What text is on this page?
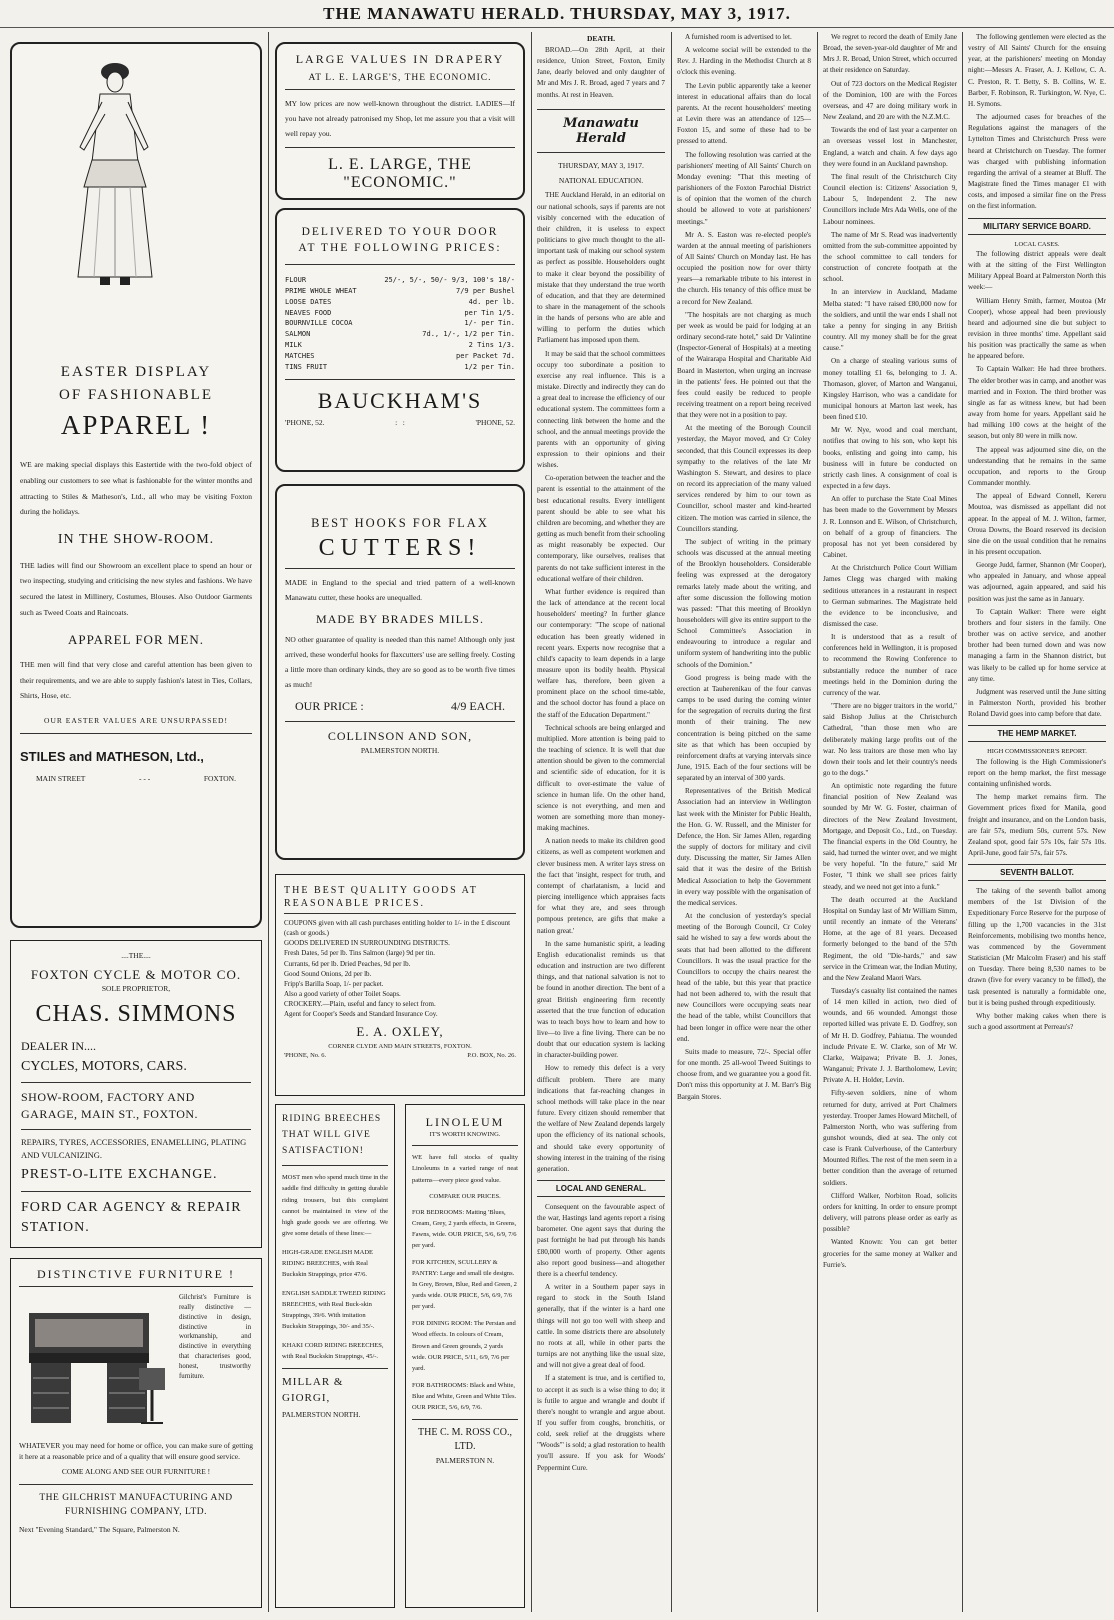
THE MANAWATU HERALD. THURSDAY, MAY 3, 1917.
EASTER DISPLAY
OF FASHIONABLE
APPAREL !
WE are making special displays this Eastertide with the two-fold object of enabling our customers to see what is fashionable for the winter months and attracting to Stiles & Matheson's, Ltd., all who may be visiting Foxton during the holidays.
IN THE SHOW-ROOM.
THE ladies will find our Showroom an excellent place to spend an hour or two inspecting, studying and criticising the new styles and fashions. We have secured the latest in Millinery, Costumes, Blouses. Also Outdoor Garments such as Tweed Coats and Raincoats.
APPAREL FOR MEN.
THE men will find that very close and careful attention has been given to their requirements, and we are able to supply fashion's latest in Ties, Collars, Shirts, Hose, etc.
OUR EASTER VALUES ARE UNSURPASSED!
STILES and MATHESON, Ltd.,
MAIN STREET	- - -	FOXTON.
....THE....
FOXTON CYCLE & MOTOR CO.
SOLE PROPRIETOR,
CHAS. SIMMONS
DEALER IN....
CYCLES, MOTORS, CARS.
SHOW-ROOM, FACTORY AND GARAGE, MAIN ST., FOXTON.
REPAIRS, TYRES, ACCESSORIES, ENAMELLING, PLATING AND VULCANIZING.
PREST-O-LITE EXCHANGE.
FORD CAR AGENCY & REPAIR STATION.
DISTINCTIVE FURNITURE !
Gilchrist's Furniture is really distinctive — distinctive in design, distinctive in workmanship, and distinctive in everything that characterises good, honest, trustworthy furniture.
WHATEVER you may need for home or office, you can make sure of getting it here at a reasonable price and of a quality that will ensure good service.
COME ALONG AND SEE OUR FURNITURE !
THE GILCHRIST MANUFACTURING AND FURNISHING COMPANY, LTD.
Next "Evening Standard," The Square, Palmerston N.
LARGE VALUES IN DRAPERY
AT L. E. LARGE'S, THE ECONOMIC.
MY low prices are now well-known throughout the district. LADIES—If you have not already patronised my Shop, let me assure you that a visit will well repay you.
L. E. LARGE, THE "ECONOMIC."
DELIVERED TO YOUR DOOR
AT THE FOLLOWING PRICES:
FLOUR	25/-, 5/-, 50/- 9/3, 100's 18/-
PRIME WHOLE WHEAT	7/9 per Bushel
LOOSE DATES	4d. per lb.
NEAVES FOOD	per Tin 1/5.
BOURNVILLE COCOA	1/- per Tin.
SALMON	7d., 1/-, 1/2 per Tin.
MILK	2 Tins 1/3.
MATCHES	per Packet 7d.
TINS FRUIT	1/2 per Tin.
BAUCKHAM'S
'PHONE, 52.	:   :	'PHONE, 52.
BEST HOOKS FOR FLAX
CUTTERS!
MADE in England to the special and tried pattern of a well-known Manawatu cutter, these hooks are unequalled.
MADE BY BRADES MILLS.
NO other guarantee of quality is needed than this name! Although only just arrived, these wonderful hooks for flaxcutters' use are selling freely. Costing a little more than ordinary kinds, they are so good as to be worth five times as much!
OUR PRICE :	4/9 EACH.
COLLINSON AND SON,
PALMERSTON NORTH.
THE BEST QUALITY GOODS AT
REASONABLE PRICES.
COUPONS given with all cash purchases entitling holder to 1/- in the £ discount (cash or goods.)
GOODS DELIVERED IN SURROUNDING DISTRICTS.
Fresh Dates, 5d per lb. Tins Salmon (large) 9d per tin.
Currants, 6d per lb. Dried Peaches, 9d per lb.
Good Sound Onions, 2d per lb.
Fripp's Barilla Soap, 1/- per packet.
Also a good variety of other Toilet Soaps.
CROCKERY.—Plain, useful and fancy to select from.
Agent for Cooper's Seeds and Standard Insurance Coy.
E. A. OXLEY,
CORNER CLYDE AND MAIN STREETS, FOXTON.
'PHONE, No. 6.	P.O. BOX, No. 26.
RIDING BREECHES THAT WILL GIVE SATISFACTION!
MOST men who spend much time in the saddle find difficulty in getting durable riding trousers, but this complaint cannot be maintained in view of the high grade goods we are offering. We give some details of these lines:—
HIGH-GRADE ENGLISH MADE RIDING BREECHES, with Real Buckskin Strappings, price 47/6.
ENGLISH SADDLE TWEED RIDING BREECHES, with Real Buck-skin Strappings, 39/6. With imitation Buckskin Strappings, 30/- and 35/-.
KHAKI CORD RIDING BREECHES, with Real Buckskin Strappings, 45/-.
MILLAR & GIORGI,
PALMERSTON NORTH.
LINOLEUM
IT'S WORTH KNOWING.
WE have full stocks of quality Linoleums in a varied range of neat patterns—every piece good value.
COMPARE OUR PRICES.
FOR BEDROOMS: Matting 'Blues, Cream, Grey, 2 yards effects, in Greens, Fawns, wide. OUR PRICE, 5/6, 6/9, 7/6 per yard.
FOR KITCHEN, SCULLERY & PANTRY: Large and small tile designs. In Grey, Brown, Blue, Red and Green, 2 yards wide. OUR PRICE, 5/6, 6/9, 7/6 per yard.
FOR DINING ROOM: The Persian and Wood effects. In colours of Cream, Brown and Green grounds, 2 yards wide. OUR PRICE, 5/11, 6/9, 7/6 per yard.
FOR BATHROOMS: Black and White, Blue and White, Green and White Tiles. OUR PRICE, 5/6, 6/9, 7/6.
THE C. M. ROSS CO., LTD.
PALMERSTON N.
DEATH.

BROAD.—On 28th April, at their residence, Union Street, Foxton, Emily Jane, dearly beloved and only daughter of Mr and Mrs J. R. Broad, aged 7 years and 7 months. At rest in Heaven.

Manawatu Herald
THURSDAY, MAY 3, 1917.
NATIONAL EDUCATION.

THE Auckland Herald, in an editorial on our national schools, says if parents are not visibly concerned with the education of their children, it is useless to expect politicians to give much thought to the all-important task of making our school system as perfect as possible. Householders ought to make it clear beyond the possibility of mistake that they understand the true worth of education, and that they are determined to share in the management of the schools in the hands of persons who are able and willing to perform the duties which Parliament has imposed upon them.

It may be said that the school committees occupy too subordinate a position to exercise any real influence. This is a mistake. Directly and indirectly they can do a great deal to increase the efficiency of our educational system. The committees form a connecting link between the home and the school, and the annual meetings provide the parents with an opportunity of giving expression to their opinions and their wishes.

Co-operation between the teacher and the parent is essential to the attainment of the best educational results. Every intelligent parent should be able to see what his children are becoming, and whether they are getting as much benefit from their schooling as might reasonably be expected. Our contemporary, like ourselves, realises that parents do not take sufficient interest in the educational welfare of their children.

What further evidence is required than the lack of attendance at the recent local householders' meeting? In further glance our contemporary: "The scope of national education has been greatly widened in recent years. Experts now recognise that a child's capacity to learn depends in a large measure upon its bodily health. Physical welfare has, therefore, been given a prominent place on the school time-table, and the school doctor has found a place on the staff of the Education Department."

Technical schools are being enlarged and multiplied. More attention is being paid to the teaching of science. It is well that due attention should be given to the commercial and scientific side of education, for it is difficult to over-estimate the value of science in human life. On the other hand, science is not everything, and men and women are something more than money-making machines.

A nation needs to make its children good citizens, as well as competent workmen and clever business men. A writer lays stress on the fact that 'insight, respect for truth, and contempt of charlatanism, a lucid and piercing intelligence which appraises facts for what they are, and sees through pompous pretence, are gifts that make a nation great.'

In the same humanistic spirit, a leading English educationalist reminds us that education and instruction are two different things, and that national salvation is not to be found in another direction. The bent of a great British engineering firm recently asserted that the true function of education was to teach boys how to learn and how to live—to live a fine living. There can be no doubt that our education system is lacking in character-building power.

How to remedy this defect is a very difficult problem. There are many indications that far-reaching changes in school methods will take place in the near future. Every citizen should remember that the welfare of New Zealand depends largely upon the efficiency of its national schools, and should take every opportunity of showing interest in the training of the rising generation.

LOCAL AND GENERAL.

Consequent on the favourable aspect of the war, Hastings land agents report a rising barometer. One agent says that during the past fortnight he had put through his hands £80,000 worth of property. Other agents also report good business—and altogether there is a cheerful tendency.

A writer in a Southern paper says in regard to stock in the South Island generally, that if the winter is a hard one things will not go too well with sheep and cattle. In some districts there are absolutely no roots at all, while in other parts the turnips are not anything like the usual size, and will not give a great deal of food.

If a statement is true, and is certified to, to accept it as such is a wise thing to do; it is futile to argue and wrangle and doubt if there's nought to wrangle and argue about. If you suffer from coughs, bronchitis, or cold, seek relief at the druggists where "Woods'" is sold; a glad restoration to health you'll assure. If you ask for Woods' Peppermint Cure.

A furnished room is advertised to let.

A welcome social will be extended to the Rev. J. Harding in the Methodist Church at 8 o'clock this evening.

The Levin public apparently take a keener interest in educational affairs than do local parents. At the recent householders' meeting at Levin there was an attendance of 125—Foxton 15, and some of these had to be pressed to attend.

The following resolution was carried at the parishioners' meeting of All Saints' Church on Monday evening: "That this meeting of parishioners of the Foxton Parochial District is of opinion that the women of the church should be allowed to vote at parishioners' meetings."

Mr A. S. Easton was re-elected people's warden at the annual meeting of parishioners of All Saints' Church on Monday last. He has occupied the position now for over thirty years—a remarkable tribute to his interest in the church. His tenancy of this office must be a record for New Zealand.

"The hospitals are not charging as much per week as would be paid for lodging at an ordinary second-rate hotel," said Dr Valintine (Inspector-General of Hospitals) at a meeting of the Wairarapa Hospital and Charitable Aid Board in Masterton, when urging an increase in the patients' fees. He pointed out that the fees could easily be reduced to people receiving treatment on a report being received that they were not in a position to pay.

At the meeting of the Borough Council yesterday, the Mayor moved, and Cr Coley seconded, that this Council expresses its deep sympathy to the relatives of the late Mr Washington S. Stewart, and desires to place on record its appreciation of the many valued services rendered by him to our town as Councillor, school master and kind-hearted citizen. The motion was carried in silence, the Councillors standing.

The subject of writing in the primary schools was discussed at the annual meeting of the Brooklyn householders. Considerable feeling was expressed at the derogatory remarks lately made about the writing, and after some discussion the following motion was passed: "That this meeting of Brooklyn householders will give its entire support to the School Committee's Association in endeavouring to introduce a regular and uniform system of handwriting into the public schools of the Dominion."

Good progress is being made with the erection at Tauherenikau of the four canvas camps to be used during the coming winter for the segregation of recruits during the first month of their training. The new concentration is being pitched on the same site as that which has been occupied by reinforcement drafts at varying intervals since June, 1915. Each of the four sections will be separated by an interval of 300 yards.

Representatives of the British Medical Association had an interview in Wellington last week with the Minister for Public Health, the Hon. G. W. Russell, and the Minister for Defence, the Hon. Sir James Allen, regarding the supply of doctors for military and civil duty. Discussing the matter, Sir James Allen said that it was the desire of the British Medical Association to help the Government in every way possible with the organisation of the medical services.

At the conclusion of yesterday's special meeting of the Borough Council, Cr Coley said he wished to say a few words about the seats that had been allotted to the different Councillors. It was the usual practice for the Councillors to occupy the chairs nearest the head of the table, but this year that practice had not been adhered to, with the result that new Councillors were occupying seats near the head of the table, whilst Councillors that had been longer in office were near the other end.

Suits made to measure, 72/-. Special offer for one month. 25 all-wool Tweed Suitings to choose from, and we guarantee you a good fit. Don't miss this opportunity at J. M. Barr's Big Bargain Stores.

We regret to record the death of Emily Jane Broad, the seven-year-old daughter of Mr and Mrs J. R. Broad, Union Street, which occurred at their residence on Saturday.

Out of 723 doctors on the Medical Register of the Dominion, 100 are with the Forces overseas, and 47 are doing military work in New Zealand, and 20 are with the N.Z.M.C.

Towards the end of last year a carpenter on an overseas vessel lost in Manchester, England, a watch and chain. A few days ago they were found in an Auckland pawnshop.

The final result of the Christchurch City Council election is: Citizens' Association 9, Labour 5, Independent 2. The new Councillors include Mrs Ada Wells, one of the Labour nominees.

The name of Mr S. Read was inadvertently omitted from the sub-committee appointed by the school committee to call tenders for construction of concrete footpath at the school.

In an interview in Auckland, Madame Melba stated: "I have raised £80,000 now for the soldiers, and until the war ends I shall not take a penny for singing in any British country. All my money shall be for the great cause."

On a charge of stealing various sums of money totalling £1 6s, belonging to J. A. Thomason, glover, of Marton and Wanganui, Kingsley Harrison, who was a candidate for municipal honours at Marton last week, has been fined £10.

Mr W. Nye, wood and coal merchant, notifies that owing to his son, who kept his books, enlisting and going into camp, his business will in future be conducted on strictly cash lines. A consignment of coal is expected in a few days.

An offer to purchase the State Coal Mines has been made to the Government by Messrs J. R. Lonnson and E. Wilson, of Christchurch, on behalf of a group of financiers. The proposal has not yet been considered by Cabinet.

At the Christchurch Police Court William James Clegg was charged with making seditious utterances in a restaurant in respect to German submarines. The Magistrate held the evidence to be inconclusive, and dismissed the case.

It is understood that as a result of conferences held in Wellington, it is proposed to recommend the Rowing Conference to substantially reduce the number of race meetings held in the Dominion during the currency of the war.

"There are no bigger traitors in the world," said Bishop Julius at the Christchurch Cathedral, "than those men who are deliberately making large profits out of the war. No less traitors are those men who lay down their tools and let their country's needs go to the dogs."

An optimistic note regarding the future financial position of New Zealand was sounded by Mr W. G. Foster, chairman of directors of the New Zealand Investment, Mortgage, and Deposit Co., Ltd., on Tuesday. The financial experts in the Old Country, he said, had turned the winter over, and we might be very hopeful. "In the future," said Mr Foster, "I think we shall see prices fairly steady, and we need not get into a funk."

The death occurred at the Auckland Hospital on Sunday last of Mr William Simm, until recently an inmate of the Veterans' Home, at the age of 81 years. Deceased formerly belonged to the band of the 57th Regiment, the old "Die-hards," and saw service in the Crimean war, the Indian Mutiny, and the New Zealand Maori Wars.

Tuesday's casualty list contained the names of 14 men killed in action, two died of wounds, and 66 wounded. Amongst those reported killed was private E. D. Godfrey, son of Mr H. D. Godfrey, Pahiatua. The wounded include Private E. W. Clarke, son of Mr W. Clarke, Waipawa; Private B. J. Jones, Wanganui; Private J. J. Bartholomew, Levin; Private A. H. Holder, Levin.

Fifty-seven soldiers, nine of whom returned for duty, arrived at Port Chalmers yesterday. Trooper James Howard Mitchell, of Palmerston North, who was suffering from gunshot wounds, died at sea. The only cot case is Frank Culverhouse, of the Canterbury Mounted Rifles. The rest of the men seem in a better condition than the average of returned soldiers.

Clifford Walker, Norbiton Road, solicits orders for knitting. In order to ensure prompt delivery, will patrons please order as early as possible?

Wanted Known: You can get better groceries for the same money at Walker and Furrie's.

The following gentlemen were elected as the vestry of All Saints' Church for the ensuing year, at the parishioners' meeting on Monday night:—Messrs A. Fraser, A. J. Kellow, C. A. C. Preston, R. T. Betty, S. B. Collins, W. E. Barber, F. Robinson, R. Turkington, W. Nye, C. H. Symons.

The adjourned cases for breaches of the Regulations against the managers of the Lyttelton Times and Christchurch Press were heard at Christchurch on Tuesday. The former was charged with publishing information regarding the arrival of a steamer at Bluff. The Magistrate fined the Times manager £1 with costs, and imposed a similar fine on the Press on the first information.

MILITARY SERVICE BOARD.
LOCAL CASES.

The following district appeals were dealt with at the sitting of the First Wellington Military Appeal Board at Palmerston North this week:—

William Henry Smith, farmer, Moutoa (Mr Cooper), whose appeal had been previously heard and adjourned sine die but subject to revision in three months' time. Appellant said his position was practically the same as when he appeared before.

To Captain Walker: He had three brothers. The elder brother was in camp, and another was married and in Foxton. The third brother was single as far as witness knew, but had been away from home for years. Appellant said he had milking 100 cows at the height of the season, but only 80 were in milk now.

The appeal was adjourned sine die, on the understanding that he remains in the same occupation, and reports to the Group Commander monthly.

The appeal of Edward Connell, Kereru Moutoa, was dismissed as appellant did not appear. In the appeal of M. J. Wilton, farmer, Oroua Downs, the Board reserved its decision sine die on the usual condition that he remains in his present occupation.

George Judd, farmer, Shannon (Mr Cooper), who appealed in January, and whose appeal was adjourned, again appeared, and said his position was just the same as in January.

To Captain Walker: There were eight brothers and four sisters in the family. One brother was on active service, and another brother had been turned down and was now managing a farm in the Shannon district, but was likely to be called up for home service at any time.

Judgment was reserved until the June sitting in Palmerston North, provided his brother Roland David goes into camp before that date.

THE HEMP MARKET.
HIGH COMMISSIONER'S REPORT.

The following is the High Commissioner's report on the hemp market, the first message containing unfinished words.

The hemp market remains firm. The Government prices fixed for Manila, good freight and insurance, and on the London basis, are fair 57s, medium 50s, current 57s. New Zealand spot, good fair 57s 10s, fair 57s 10s. April-June, good fair 57s, fair 57s.

SEVENTH BALLOT.

The taking of the seventh ballot among members of the 1st Division of the Expeditionary Force Reserve for the purpose of filling up the 1,700 vacancies in the 31st Reinforcements, mobilising two months hence, was commenced by the Government Statistician (Mr Malcolm Fraser) and his staff on Tuesday. There being 8,530 names to be drawn (five for every vacancy to be filled), the task presented is naturally a formidable one, but it is being pushed through expeditiously.

Why bother making cakes when there is such a good assortment at Perreau's?
